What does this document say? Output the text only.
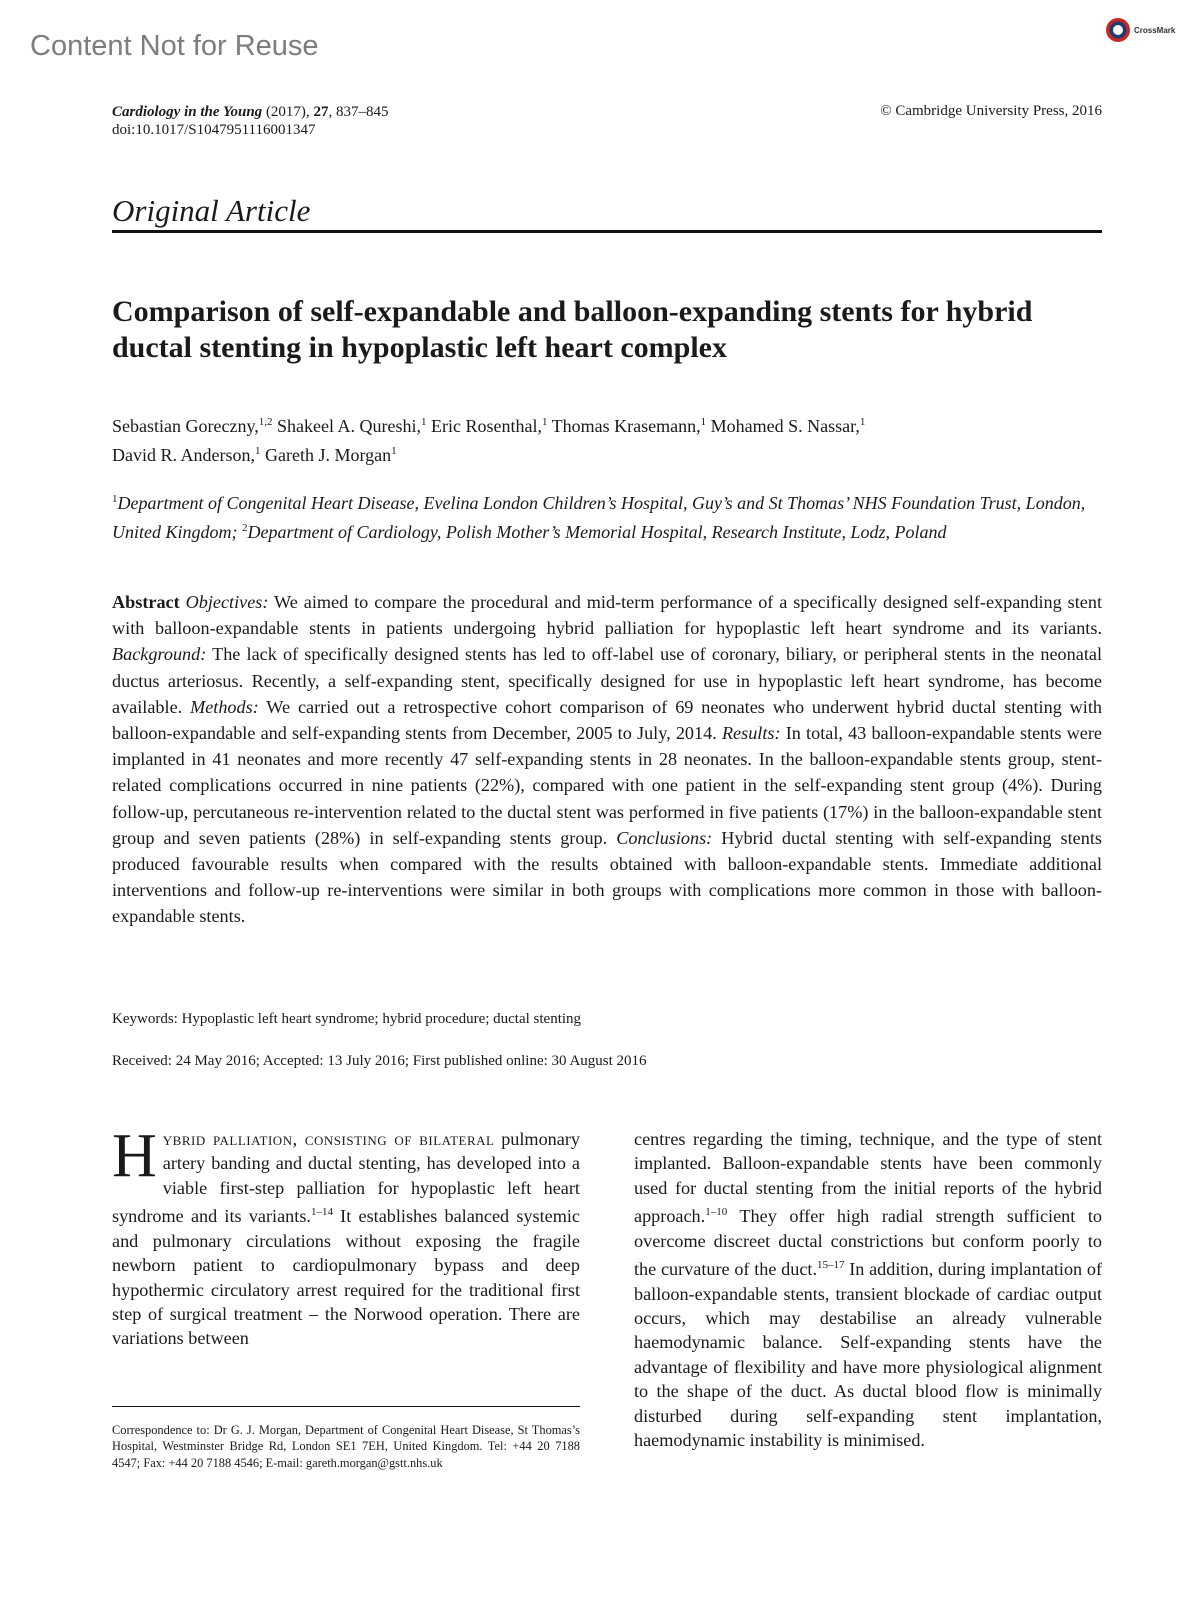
Content Not for Reuse	CrossMark
Cardiology in the Young (2017), 27, 837–845
doi:10.1017/S1047951116001347
© Cambridge University Press, 2016
Original Article
Comparison of self-expandable and balloon-expanding stents for hybrid ductal stenting in hypoplastic left heart complex
Sebastian Goreczny,$^{1,2}$ Shakeel A. Qureshi,$^1$ Eric Rosenthal,$^1$ Thomas Krasemann,$^1$ Mohamed S. Nassar,$^1$
David R. Anderson,$^1$ Gareth J. Morgan$^1$
$^1$Department of Congenital Heart Disease, Evelina London Children’s Hospital, Guy’s and St Thomas’ NHS Foundation Trust, London, United Kingdom; $^2$Department of Cardiology, Polish Mother’s Memorial Hospital, Research Institute, Lodz, Poland
Abstract Objectives: We aimed to compare the procedural and mid-term performance of a specifically designed self-expanding stent with balloon-expandable stents in patients undergoing hybrid palliation for hypoplastic left heart syndrome and its variants. Background: The lack of specifically designed stents has led to off-label use of coronary, biliary, or peripheral stents in the neonatal ductus arteriosus. Recently, a self-expanding stent, specifically designed for use in hypoplastic left heart syndrome, has become available. Methods: We carried out a retrospective cohort comparison of 69 neonates who underwent hybrid ductal stenting with balloon-expandable and self-expanding stents from December, 2005 to July, 2014. Results: In total, 43 balloon-expandable stents were implanted in 41 neonates and more recently 47 self-expanding stents in 28 neonates. In the balloon-expandable stents group, stent-related complications occurred in nine patients (22%), compared with one patient in the self-expanding stent group (4%). During follow-up, percutaneous re-intervention related to the ductal stent was performed in five patients (17%) in the balloon-expandable stent group and seven patients (28%) in self-expanding stents group. Conclusions: Hybrid ductal stenting with self-expanding stents produced favourable results when compared with the results obtained with balloon-expandable stents. Immediate additional interventions and follow-up re-interventions were similar in both groups with complications more common in those with balloon-expandable stents.
Keywords: Hypoplastic left heart syndrome; hybrid procedure; ductal stenting
Received: 24 May 2016; Accepted: 13 July 2016; First published online: 30 August 2016
Hybrid palliation, consisting of bilateral pulmonary artery banding and ductal stenting, has developed into a viable first-step palliation for hypoplastic left heart syndrome and its variants.$^{1-14}$ It establishes balanced systemic and pulmonary circulations without exposing the fragile newborn patient to cardiopulmonary bypass and deep hypothermic circulatory arrest required for the traditional first step of surgical treatment – the Norwood operation. There are variations between
centres regarding the timing, technique, and the type of stent implanted. Balloon-expandable stents have been commonly used for ductal stenting from the initial reports of the hybrid approach.$^{1-10}$ They offer high radial strength sufficient to overcome discreet ductal constrictions but conform poorly to the curvature of the duct.$^{15-17}$ In addition, during implantation of balloon-expandable stents, transient blockade of cardiac output occurs, which may destabilise an already vulnerable haemodynamic balance. Self-expanding stents have the advantage of flexibility and have more physiological alignment to the shape of the duct. As ductal blood flow is minimally disturbed during self-expanding stent implantation, haemodynamic instability is minimised.
Correspondence to: Dr G. J. Morgan, Department of Congenital Heart Disease, St Thomas’s Hospital, Westminster Bridge Rd, London SE1 7EH, United Kingdom. Tel: +44 20 7188 4547; Fax: +44 20 7188 4546; E-mail: gareth.morgan@gstt.nhs.uk
